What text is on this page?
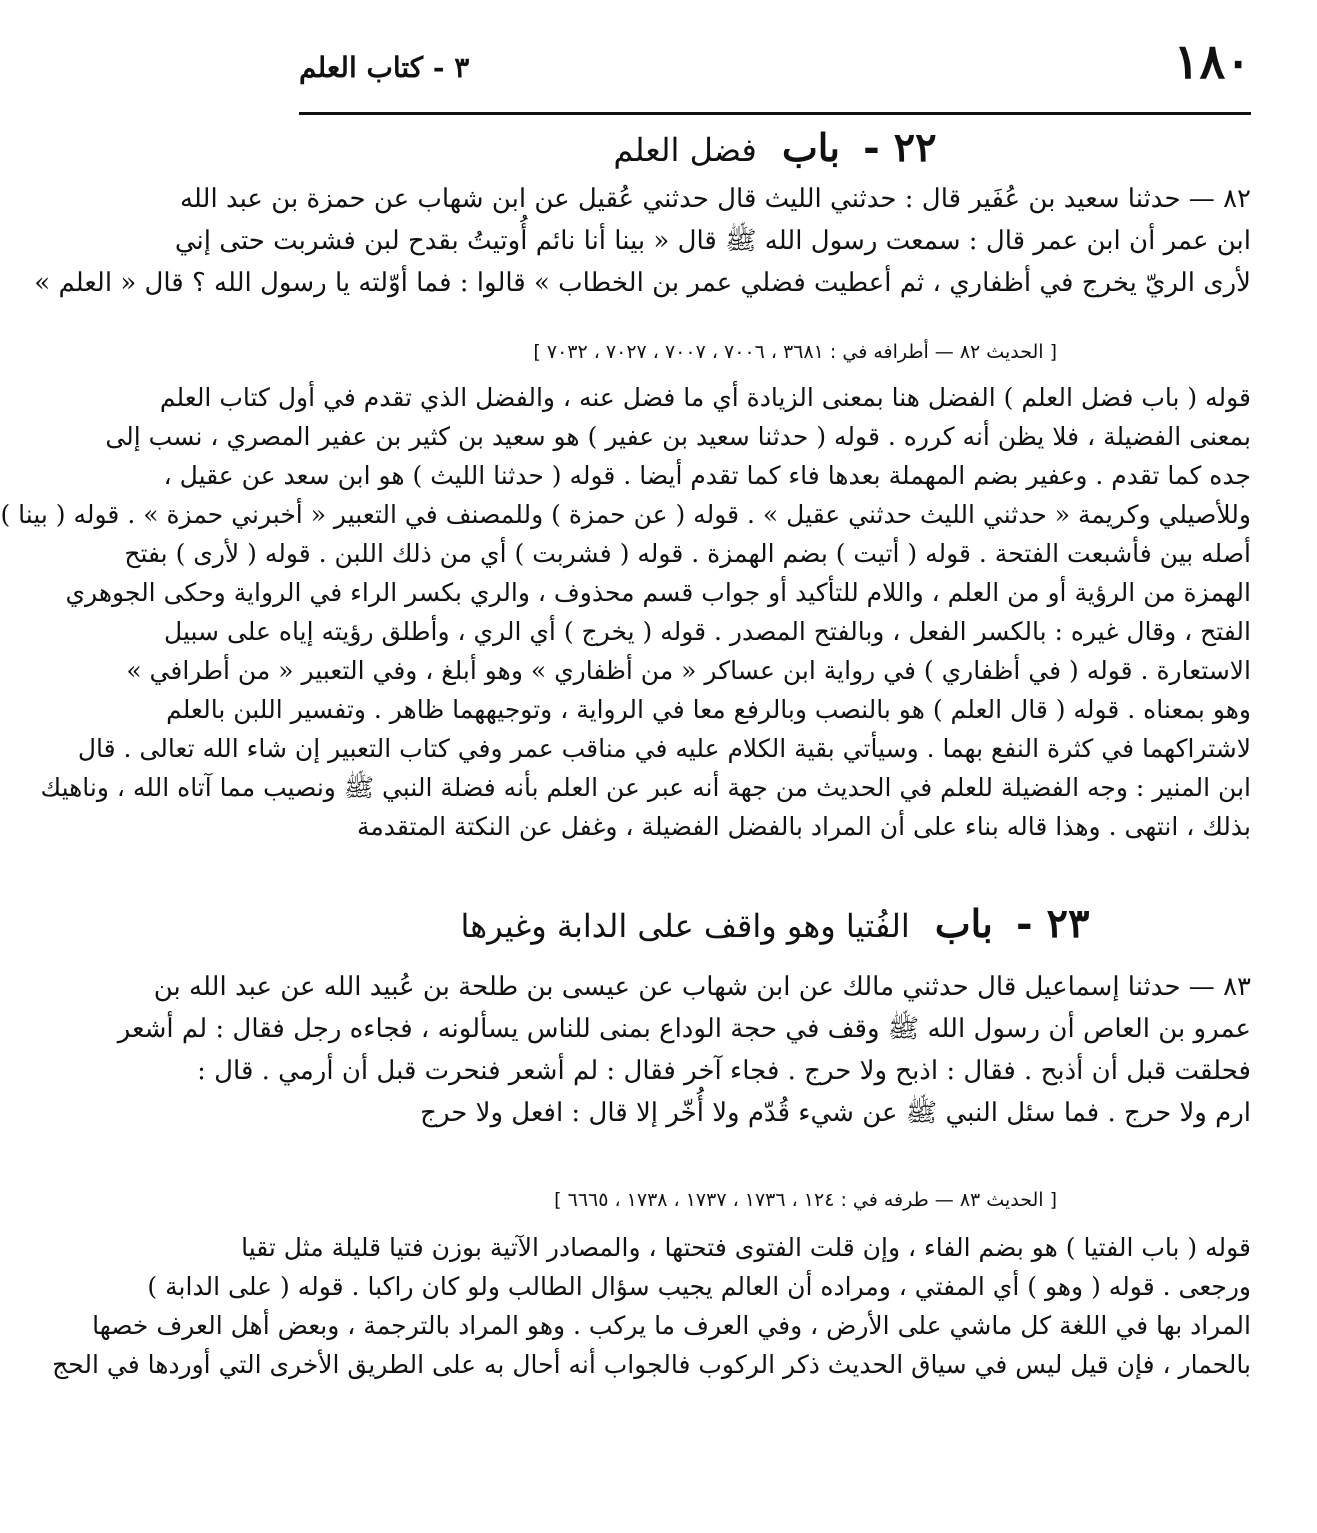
١٨٠
٣ - كتاب العلم
٢٢ - باب فضل العلم
٨٢ — حدثنا سعيد بن عُفَير قال : حدثني الليث قال حدثني عُقيل عن ابن شهاب عن حمزة بن عبد الله
ابن عمر أن ابن عمر قال : سمعت رسول الله ﷺ قال « بينا أنا نائم أُوتيتُ بقدح لبن فشربت حتى إني
لأرى الريّ يخرج في أظفاري ، ثم أعطيت فضلي عمر بن الخطاب » قالوا : فما أوّلته يا رسول الله ؟ قال « العلم »
[ الحديث ٨٢ — أطرافه في : ٣٦٨١ ، ٧٠٠٦ ، ٧٠٠٧ ، ٧٠٢٧ ، ٧٠٣٢ ]
قوله ( باب فضل العلم ) الفضل هنا بمعنى الزيادة أي ما فضل عنه ، والفضل الذي تقدم في أول كتاب العلم
بمعنى الفضيلة ، فلا يظن أنه كرره . قوله ( حدثنا سعيد بن عفير ) هو سعيد بن كثير بن عفير المصري ، نسب إلى
جده كما تقدم . وعفير بضم المهملة بعدها فاء كما تقدم أيضا . قوله ( حدثنا الليث ) هو ابن سعد عن عقيل ،
وللأصيلي وكريمة « حدثني الليث حدثني عقيل » . قوله ( عن حمزة ) وللمصنف في التعبير « أخبرني حمزة » . قوله ( بينا )
أصله بين فأشبعت الفتحة . قوله ( أتيت ) بضم الهمزة . قوله ( فشربت ) أي من ذلك اللبن . قوله ( لأرى ) بفتح
الهمزة من الرؤية أو من العلم ، واللام للتأكيد أو جواب قسم محذوف ، والري بكسر الراء في الرواية وحكى الجوهري
الفتح ، وقال غيره : بالكسر الفعل ، وبالفتح المصدر . قوله ( يخرج ) أي الري ، وأطلق رؤيته إياه على سبيل
الاستعارة . قوله ( في أظفاري ) في رواية ابن عساكر « من أظفاري » وهو أبلغ ، وفي التعبير « من أطرافي »
وهو بمعناه . قوله ( قال العلم ) هو بالنصب وبالرفع معا في الرواية ، وتوجيههما ظاهر . وتفسير اللبن بالعلم
لاشتراكهما في كثرة النفع بهما . وسيأتي بقية الكلام عليه في مناقب عمر وفي كتاب التعبير إن شاء الله تعالى . قال
ابن المنير : وجه الفضيلة للعلم في الحديث من جهة أنه عبر عن العلم بأنه فضلة النبي ﷺ ونصيب مما آتاه الله ، وناهيك
بذلك ، انتهى . وهذا قاله بناء على أن المراد بالفضل الفضيلة ، وغفل عن النكتة المتقدمة
٢٣ - باب الفُتيا وهو واقف على الدابة وغيرها
٨٣ — حدثنا إسماعيل قال حدثني مالك عن ابن شهاب عن عيسى بن طلحة بن عُبيد الله عن عبد الله بن
عمرو بن العاص أن رسول الله ﷺ وقف في حجة الوداع بمنى للناس يسألونه ، فجاءه رجل فقال : لم أشعر
فحلقت قبل أن أذبح . فقال : اذبح ولا حرج . فجاء آخر فقال : لم أشعر فنحرت قبل أن أرمي . قال :
ارم ولا حرج . فما سئل النبي ﷺ عن شيء قُدّم ولا أُخّر إلا قال : افعل ولا حرج
[ الحديث ٨٣ — طرفه في : ١٢٤ ، ١٧٣٦ ، ١٧٣٧ ، ١٧٣٨ ، ٦٦٦٥ ]
قوله ( باب الفتيا ) هو بضم الفاء ، وإن قلت الفتوى فتحتها ، والمصادر الآتية بوزن فتيا قليلة مثل تقيا
ورجعى . قوله ( وهو ) أي المفتي ، ومراده أن العالم يجيب سؤال الطالب ولو كان راكبا . قوله ( على الدابة )
المراد بها في اللغة كل ماشي على الأرض ، وفي العرف ما يركب . وهو المراد بالترجمة ، وبعض أهل العرف خصها
بالحمار ، فإن قيل ليس في سياق الحديث ذكر الركوب فالجواب أنه أحال به على الطريق الأخرى التي أوردها في الحج
